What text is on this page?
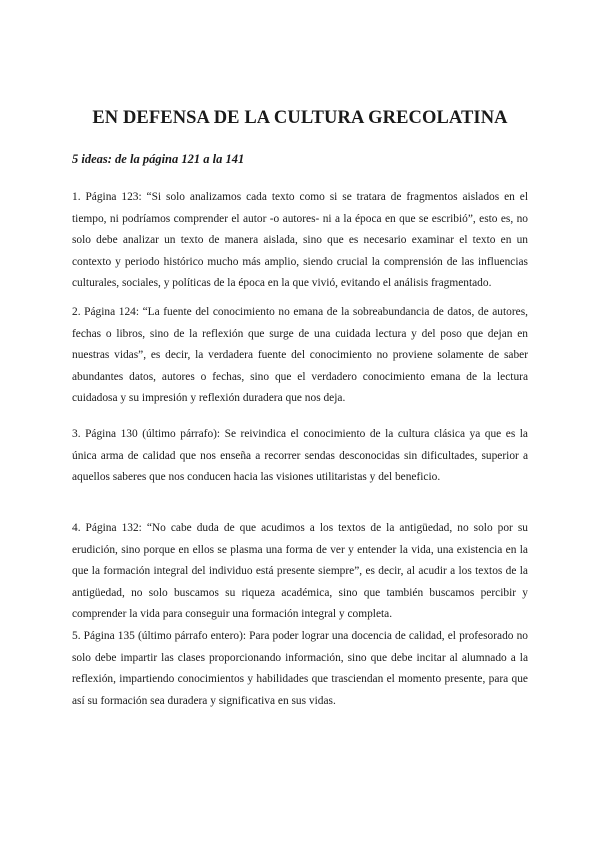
EN DEFENSA DE LA CULTURA GRECOLATINA

5 ideas: de la página 121 a la 141

1. Página 123: “Si solo analizamos cada texto como si se tratara de fragmentos aislados en el tiempo, ni podríamos comprender el autor -o autores- ni a la época en que se escribió”, esto es, no solo debe analizar un texto de manera aislada, sino que es necesario examinar el texto en un contexto y periodo histórico mucho más amplio, siendo crucial la comprensión de las influencias culturales, sociales, y políticas de la época en la que vivió, evitando el análisis fragmentado.

2. Página 124: “La fuente del conocimiento no emana de la sobreabundancia de datos, de autores, fechas o libros, sino de la reflexión que surge de una cuidada lectura y del poso que dejan en nuestras vidas”, es decir, la verdadera fuente del conocimiento no proviene solamente de saber abundantes datos, autores o fechas, sino que el verdadero conocimiento emana de la lectura cuidadosa y su impresión y reflexión duradera que nos deja.

3. Página 130 (último párrafo): Se reivindica el conocimiento de la cultura clásica ya que es la única arma de calidad que nos enseña a recorrer sendas desconocidas sin dificultades, superior a aquellos saberes que nos conducen hacia las visiones utilitaristas y del beneficio.

4. Página 132: “No cabe duda de que acudimos a los textos de la antigüedad, no solo por su erudición, sino porque en ellos se plasma una forma de ver y entender la vida, una existencia en la que la formación integral del individuo está presente siempre”, es decir, al acudir a los textos de la antigüedad, no solo buscamos su riqueza académica, sino que también buscamos percibir y comprender la vida para conseguir una formación integral y completa.

5. Página 135 (último párrafo entero): Para poder lograr una docencia de calidad, el profesorado no solo debe impartir las clases proporcionando información, sino que debe incitar al alumnado a la reflexión, impartiendo conocimientos y habilidades que trasciendan el momento presente, para que así su formación sea duradera y significativa en sus vidas.
